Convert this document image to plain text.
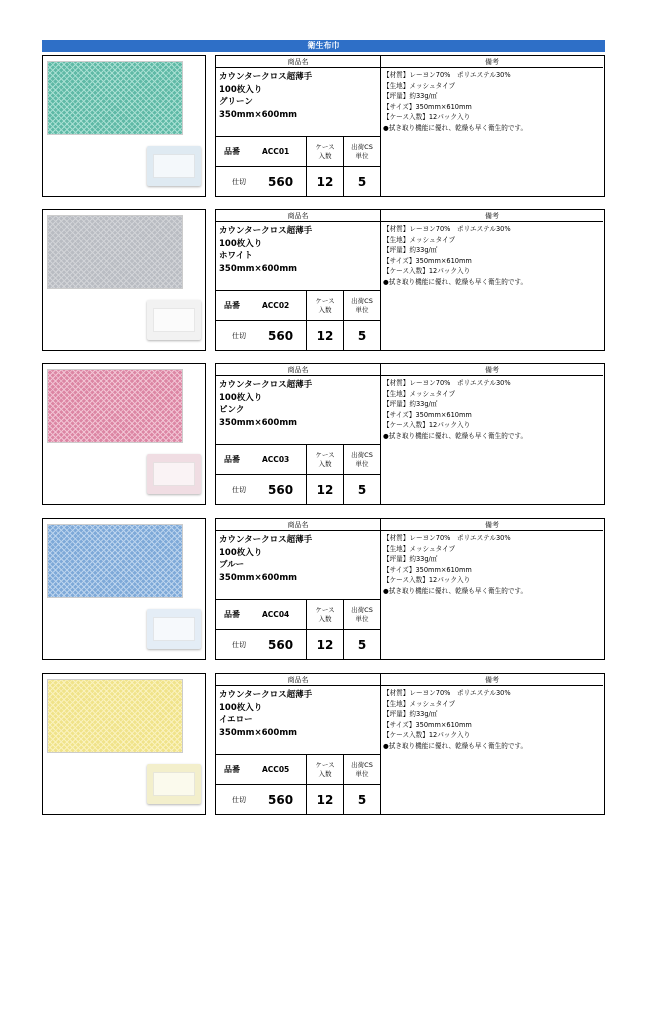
衛生布巾
商品名	備考
カウンタークロス超薄手
100枚入り
グリーン
350mm×600mm
【材質】レーヨン70%　ポリエステル30%
【生地】メッシュタイプ
【坪量】約33g/㎡
【サイズ】350mm×610mm
【ケース入数】12パック入り
●拭き取り機能に優れ、乾燥も早く衛生的です。
品番	ACC01
ケース
入数
出荷CS
単位
仕切 560 12 5
商品名	備考
カウンタークロス超薄手
100枚入り
ホワイト
350mm×600mm
【材質】レーヨン70%　ポリエステル30%
【生地】メッシュタイプ
【坪量】約33g/㎡
【サイズ】350mm×610mm
【ケース入数】12パック入り
●拭き取り機能に優れ、乾燥も早く衛生的です。
品番	ACC02
ケース
入数
出荷CS
単位
仕切 560 12 5
商品名	備考
カウンタークロス超薄手
100枚入り
ピンク
350mm×600mm
【材質】レーヨン70%　ポリエステル30%
【生地】メッシュタイプ
【坪量】約33g/㎡
【サイズ】350mm×610mm
【ケース入数】12パック入り
●拭き取り機能に優れ、乾燥も早く衛生的です。
品番	ACC03
ケース
入数
出荷CS
単位
仕切 560 12 5
商品名	備考
カウンタークロス超薄手
100枚入り
ブルー
350mm×600mm
【材質】レーヨン70%　ポリエステル30%
【生地】メッシュタイプ
【坪量】約33g/㎡
【サイズ】350mm×610mm
【ケース入数】12パック入り
●拭き取り機能に優れ、乾燥も早く衛生的です。
品番	ACC04
ケース
入数
出荷CS
単位
仕切 560 12 5
商品名	備考
カウンタークロス超薄手
100枚入り
イエロー
350mm×600mm
【材質】レーヨン70%　ポリエステル30%
【生地】メッシュタイプ
【坪量】約33g/㎡
【サイズ】350mm×610mm
【ケース入数】12パック入り
●拭き取り機能に優れ、乾燥も早く衛生的です。
品番	ACC05
ケース
入数
出荷CS
単位
仕切 560 12 5
